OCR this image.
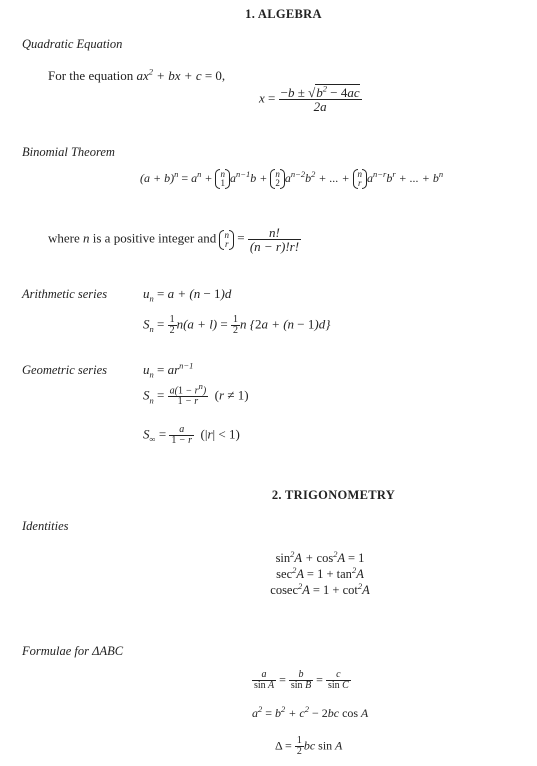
1. ALGEBRA
Quadratic Equation
For the equation $ax^2$ + bx + c = 0,
$x = \frac{-b \pm √b^2 - 4ac}{2a}$
Binomial Theorem
$(a + b)^n = a^n + n$
1 $a^{n-1}b + n$
2 $a^{n-2}b^2$ + ... + n
r $a^{n-r}b^r$ + ... + $b^n$
where n is a positive integer and n
$r = \frac{n!}{(n - r)!r!}$
Arithmetic series	$u_n = a + (n - 1)d$
$S_n = \frac{1}{2} n(a + l) = \frac{1}{2}$ n {2a + (n − 1)d}
Geometric series	$u_n = ar^{n-1}$
$S_n = \frac{a(1 - r^n)}{1 - r} (r \ne 1)$
$S_\infty = \frac{a}{1 - r} (|r| < 1)$
2. TRIGONOMETRY
Identities
$\sin^2A + \cos^2A = 1$
$\sec^2A = 1 + \tan^2A$
$cosec^2A = 1 + \cot^2A$
Formulae for ΔABC
$\frac{a}{\text{sin A}} = \frac{b}{\text{sin B}} = \frac{c}{\text{sin C}}$
$a^2 = b^2 + c^2 - 2bc$ cos A
$\Delta = \frac{1}{2}$ bc sin A
